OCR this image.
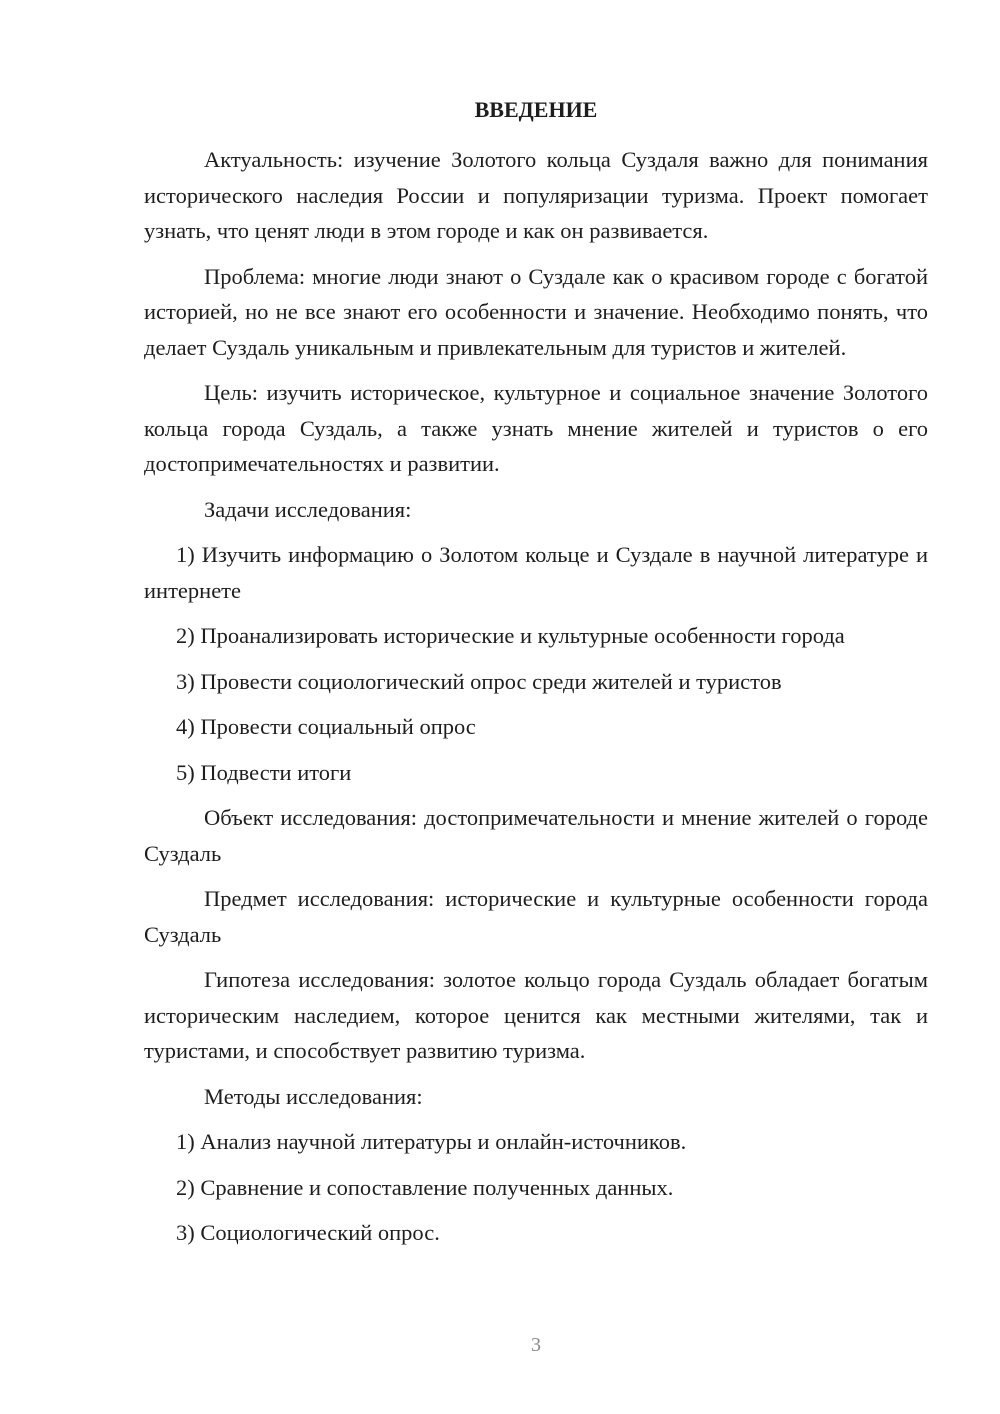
ВВЕДЕНИЕ

Актуальность: изучение Золотого кольца Суздаля важно для понимания исторического наследия России и популяризации туризма. Проект помогает узнать, что ценят люди в этом городе и как он развивается.

Проблема: многие люди знают о Суздале как о красивом городе с богатой историей, но не все знают его особенности и значение. Необходимо понять, что делает Суздаль уникальным и привлекательным для туристов и жителей.

Цель: изучить историческое, культурное и социальное значение Золотого кольца города Суздаль, а также узнать мнение жителей и туристов о его достопримечательностях и развитии.

Задачи исследования:

1) Изучить информацию о Золотом кольце и Суздале в научной литературе и интернете

2) Проанализировать исторические и культурные особенности города

3) Провести социологический опрос среди жителей и туристов

4) Провести социальный опрос

5) Подвести итоги

Объект исследования: достопримечательности и мнение жителей о городе Суздаль

Предмет исследования: исторические и культурные особенности города Суздаль

Гипотеза исследования: золотое кольцо города Суздаль обладает богатым историческим наследием, которое ценится как местными жителями, так и туристами, и способствует развитию туризма.

Методы исследования:

1) Анализ научной литературы и онлайн-источников.

2) Сравнение и сопоставление полученных данных.

3) Социологический опрос.

3
